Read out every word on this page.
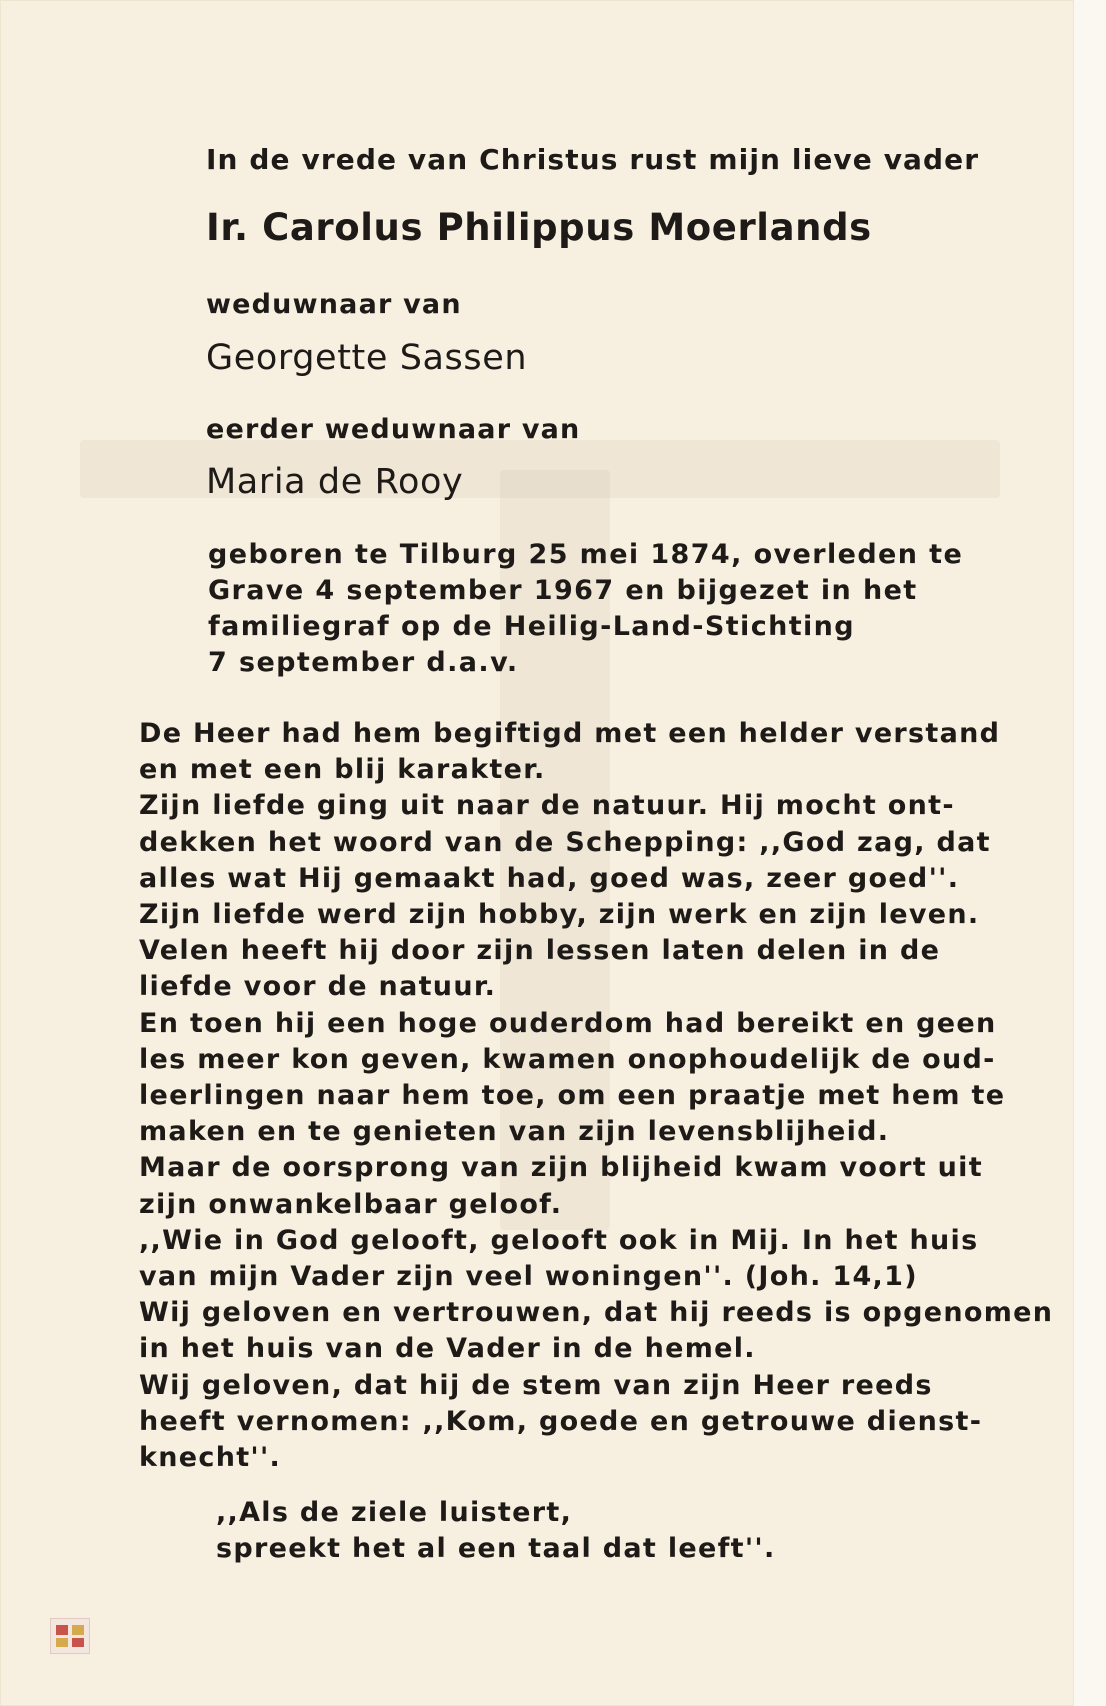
In de vrede van Christus rust mijn lieve vader

Ir. Carolus Philippus Moerlands

weduwnaar van

Georgette Sassen

eerder weduwnaar van

Maria de Rooy

geboren te Tilburg 25 mei 1874, overleden te
Grave 4 september 1967 en bijgezet in het
familiegraf op de Heilig-Land-Stichting
7 september d.a.v.
De Heer had hem begiftigd met een helder verstand
en met een blij karakter.
Zijn liefde ging uit naar de natuur. Hij mocht ont-
dekken het woord van de Schepping: ,,God zag, dat
alles wat Hij gemaakt had, goed was, zeer goed''.
Zijn liefde werd zijn hobby, zijn werk en zijn leven.
Velen heeft hij door zijn lessen laten delen in de
liefde voor de natuur.
En toen hij een hoge ouderdom had bereikt en geen
les meer kon geven, kwamen onophoudelijk de oud-
leerlingen naar hem toe, om een praatje met hem te
maken en te genieten van zijn levensblijheid.
Maar de oorsprong van zijn blijheid kwam voort uit
zijn onwankelbaar geloof.
,,Wie in God gelooft, gelooft ook in Mij. In het huis
van mijn Vader zijn veel woningen''. (Joh. 14,1)
Wij geloven en vertrouwen, dat hij reeds is opgenomen
in het huis van de Vader in de hemel.
Wij geloven, dat hij de stem van zijn Heer reeds
heeft vernomen: ,,Kom, goede en getrouwe dienst-
knecht''.
,,Als de ziele luistert,
spreekt het al een taal dat leeft''.
